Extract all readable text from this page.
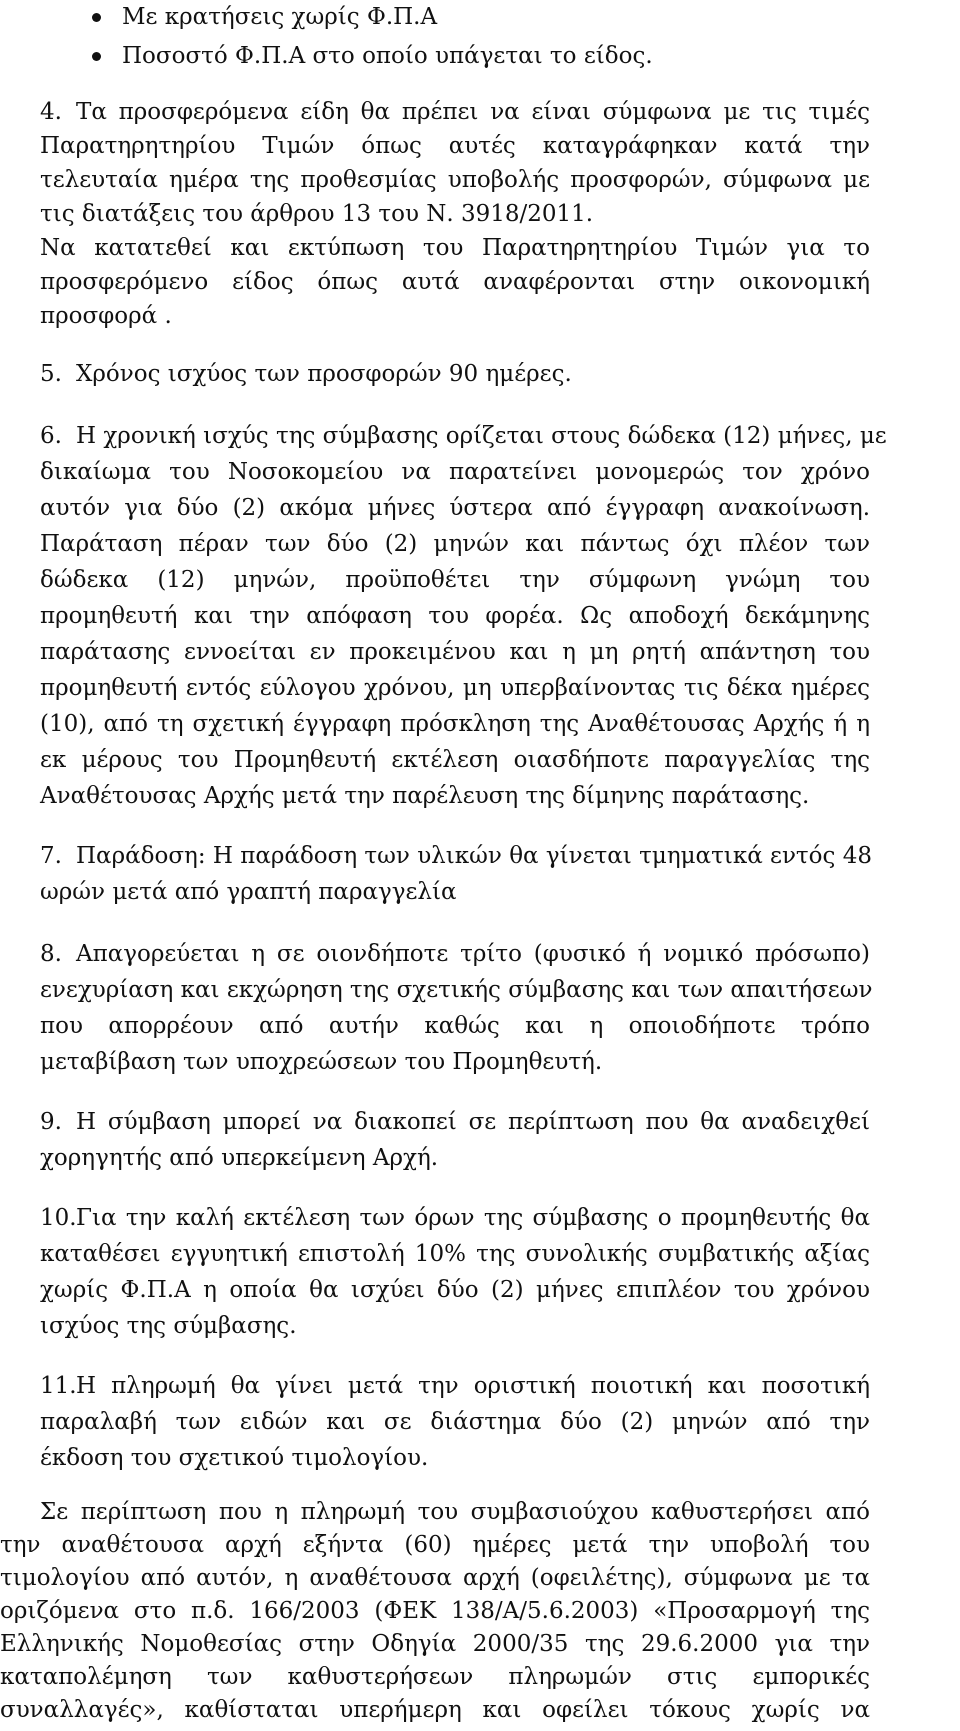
Με κρατήσεις χωρίς Φ.Π.Α
Ποσοστό Φ.Π.Α στο οποίο υπάγεται το είδος.
4. Τα προσφερόμενα είδη θα πρέπει να είναι σύμφωνα με τις τιμές
Παρατηρητηρίου Τιμών όπως αυτές καταγράφηκαν κατά την
τελευταία ημέρα της προθεσμίας υποβολής προσφορών, σύμφωνα με
τις διατάξεις του άρθρου 13 του Ν. 3918/2011.
Να κατατεθεί και εκτύπωση του Παρατηρητηρίου Τιμών για το
προσφερόμενο είδος όπως αυτά αναφέρονται στην οικονομική
προσφορά .
5. Χρόνος ισχύος των προσφορών 90 ημέρες.
6. Η χρονική ισχύς της σύμβασης ορίζεται στους δώδεκα (12) μήνες, με
δικαίωμα του Νοσοκομείου να παρατείνει μονομερώς τον χρόνο
αυτόν για δύο (2) ακόμα μήνες ύστερα από έγγραφη ανακοίνωση.
Παράταση πέραν των δύο (2) μηνών και πάντως όχι πλέον των
δώδεκα (12) μηνών, προϋποθέτει την σύμφωνη γνώμη του
προμηθευτή και την απόφαση του φορέα. Ως αποδοχή δεκάμηνης
παράτασης εννοείται εν προκειμένου και η μη ρητή απάντηση του
προμηθευτή εντός εύλογου χρόνου, μη υπερβαίνοντας τις δέκα ημέρες
(10), από τη σχετική έγγραφη πρόσκληση της Αναθέτουσας Αρχής ή η
εκ μέρους του Προμηθευτή εκτέλεση οιασδήποτε παραγγελίας της
Αναθέτουσας Αρχής μετά την παρέλευση της δίμηνης παράτασης.
7. Παράδοση: Η παράδοση των υλικών θα γίνεται τμηματικά εντός 48
ωρών μετά από γραπτή παραγγελία
8. Απαγορεύεται η σε οιονδήποτε τρίτο (φυσικό ή νομικό πρόσωπο)
ενεχυρίαση και εκχώρηση της σχετικής σύμβασης και των απαιτήσεων
που απορρέουν από αυτήν καθώς και η οποιοδήποτε τρόπο
μεταβίβαση των υποχρεώσεων του Προμηθευτή.
9. Η σύμβαση μπορεί να διακοπεί σε περίπτωση που θα αναδειχθεί
χορηγητής από υπερκείμενη Αρχή.
10. Για την καλή εκτέλεση των όρων της σύμβασης ο προμηθευτής θα
καταθέσει εγγυητική επιστολή 10% της συνολικής συμβατικής αξίας
χωρίς Φ.Π.Α η οποία θα ισχύει δύο (2) μήνες επιπλέον του χρόνου
ισχύος της σύμβασης.
11. Η πληρωμή θα γίνει μετά την οριστική ποιοτική και ποσοτική
παραλαβή των ειδών και σε διάστημα δύο (2) μηνών από την
έκδοση του σχετικού τιμολογίου.
Σε περίπτωση που η πληρωμή του συμβασιούχου καθυστερήσει από
την αναθέτουσα αρχή εξήντα (60) ημέρες μετά την υποβολή του
τιμολογίου από αυτόν, η αναθέτουσα αρχή (οφειλέτης), σύμφωνα με τα
οριζόμενα στο π.δ. 166/2003 (ΦΕΚ 138/Α/5.6.2003) «Προσαρμογή της
Ελληνικής Νομοθεσίας στην Οδηγία 2000/35 της 29.6.2000 για την
καταπολέμηση των καθυστερήσεων πληρωμών στις εμπορικές
συναλλαγές», καθίσταται υπερήμερη και οφείλει τόκους χωρίς να
